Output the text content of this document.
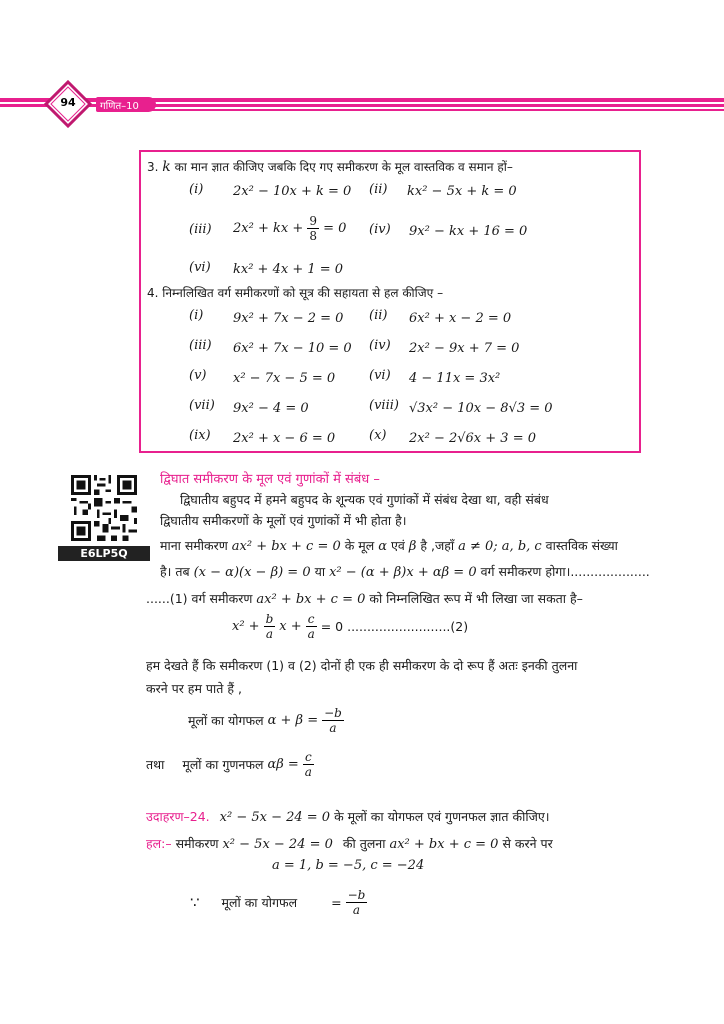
94	गणित–10
3. k का मान ज्ञात कीजिए जबकि दिए गए समीकरण के मूल वास्तविक व समान हों–
(i) 2x² − 10x + k = 0 (ii) kx² − 5x + k = 0
(iii) 2x² + kx + $\frac{9}{8} = 0$ (iv) 9x² − kx + 16 = 0
(vi) kx² + 4x + 1 = 0
4. निम्नलिखित वर्ग समीकरणों को सूत्र की सहायता से हल कीजिए –
(i) 9x² + 7x − 2 = 0 (ii) 6x² + x − 2 = 0
(iii) 6x² + 7x − 10 = 0 (iv) 2x² − 9x + 7 = 0
(v) x² − 7x − 5 = 0	(vi) 4 − 11x = 3x²
(vii) 9x² − 4 = 0	(viii) √3x² − 10x − 8√3 = 0
(ix) 2x² + x − 6 = 0	(x) 2x² − 2√6x + 3 = 0
E6LP5Q
द्विघात समीकरण के मूल एवं गुणांकों में संबंध –
द्विघातीय बहुपद में हमने बहुपद के शून्यक एवं गुणांकों में संबंध देखा था, वही संबंध
द्विघातीय समीकरणों के मूलों एवं गुणांकों में भी होता है।
माना समीकरण ax² + bx + c = 0 के मूल α एवं β है ,जहाँ a ≠ 0; a, b, c वास्तविक संख्या
है। तब (x − α)(x − β) = 0 या x² − (α + β)x + αβ = 0 वर्ग समीकरण होगा।....................
......(1) वर्ग समीकरण ax² + bx + c = 0 को निम्नलिखित रूप में भी लिखा जा सकता है–
$x^2 + \frac{b}{a}$ $x + \frac{c}{a} = 0$ ..........................(2)
हम देखते हैं कि समीकरण (1) व (2) दोनों ही एक ही समीकरण के दो रूप हैं अतः इनकी तुलना
करने पर हम पाते हैं ,
मूलों का योगफल $\alpha + \beta = \frac{-b}{a}$
तथा मूलों का गुणनफल $\alpha\beta = \frac{c}{a}$
उदाहरण–24. x² − 5x − 24 = 0 के मूलों का योगफल एवं गुणनफल ज्ञात कीजिए।
हल:– समीकरण x² − 5x − 24 = 0 की तुलना ax² + bx + c = 0 से करने पर
a = 1, b = −5, c = −24
∵ मूलों का योगफल	= $\frac{-b}{a}$
